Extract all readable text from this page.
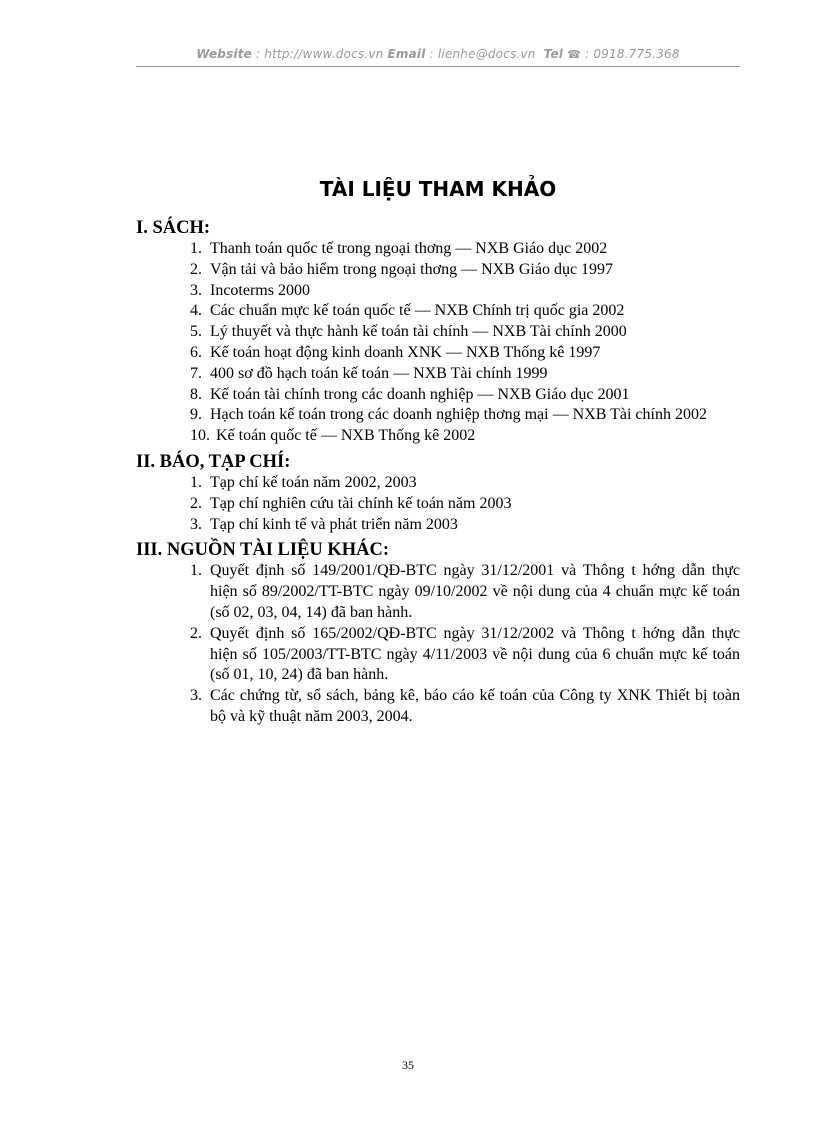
Website : http://www.docs.vn Email : lienhe@docs.vn Tel ☎ : 0918.775.368
TÀI LIỆU THAM KHẢO
I. SÁCH:
1. Thanh toán quốc tế trong ngoại thơng — NXB Giáo dục 2002
2. Vận tải và bảo hiểm trong ngoại thơng — NXB Giáo dục 1997
3. Incoterms 2000
4. Các chuẩn mực kế toán quốc tế — NXB Chính trị quốc gia 2002
5. Lý thuyết và thực hành kế toán tài chính — NXB Tài chính 2000
6. Kế toán hoạt động kinh doanh XNK — NXB Thống kê 1997
7. 400 sơ đồ hạch toán kế toán — NXB Tài chính 1999
8. Kế toán tài chính trong các doanh nghiệp — NXB Giáo dục 2001
9. Hạch toán kế toán trong các doanh nghiệp thơng mại — NXB Tài chính 2002
10. Kế toán quốc tế — NXB Thống kê 2002
II. BÁO, TẠP CHÍ:
1. Tạp chí kế toán năm 2002, 2003
2. Tạp chí nghiên cứu tài chính kế toán năm 2003
3. Tạp chí kinh tế và phát triển năm 2003
III. NGUỒN TÀI LIỆU KHÁC:
1. Quyết định số 149/2001/QĐ-BTC ngày 31/12/2001 và Thông t hớng dẫn thực hiện số 89/2002/TT-BTC ngày 09/10/2002 về nội dung của 4 chuẩn mực kế toán (số 02, 03, 04, 14) đã ban hành.
2. Quyết định số 165/2002/QĐ-BTC ngày 31/12/2002 và Thông t hớng dẫn thực hiện số 105/2003/TT-BTC ngày 4/11/2003 về nội dung của 6 chuẩn mực kế toán (số 01, 10, 24) đã ban hành.
3. Các chứng từ, sổ sách, bảng kê, báo cáo kế toán của Công ty XNK Thiết bị toàn bộ và kỹ thuật năm 2003, 2004.
35
